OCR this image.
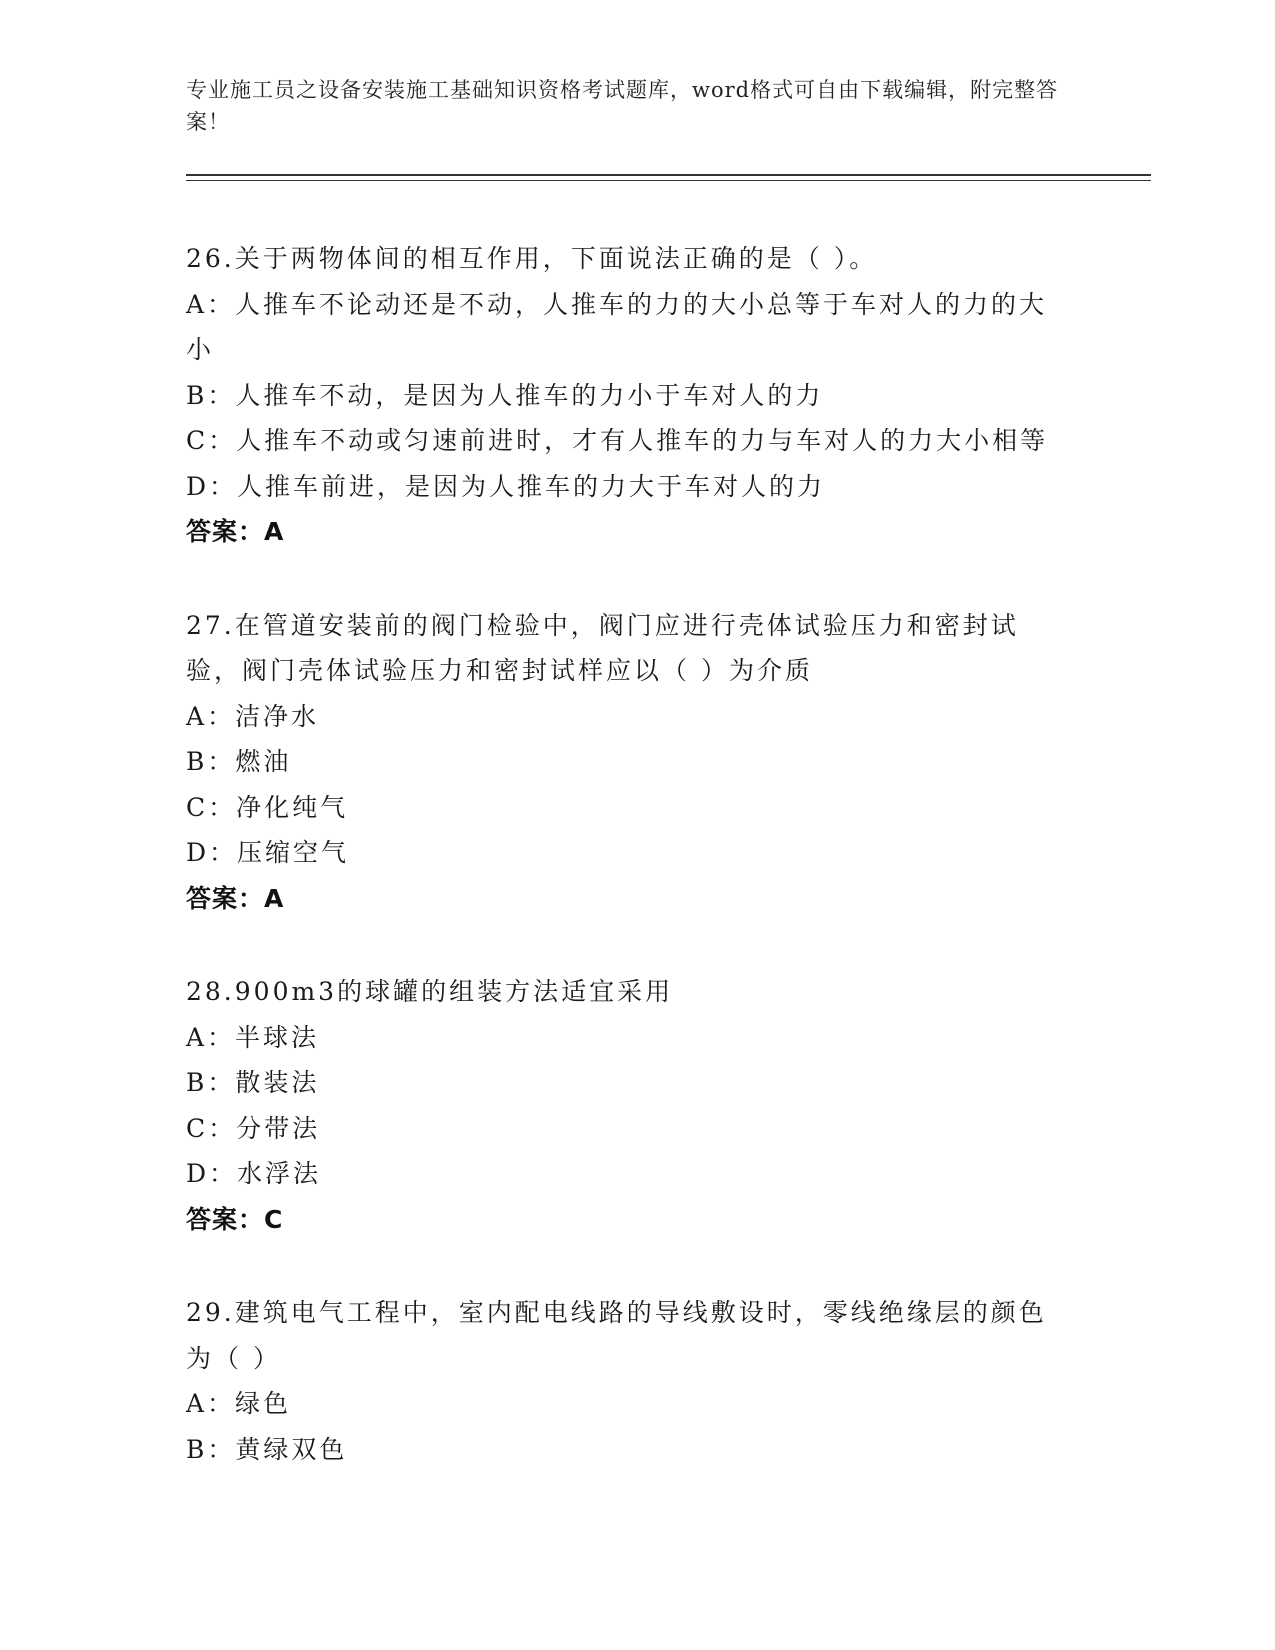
专业施工员之设备安装施工基础知识资格考试题库，word格式可自由下载编辑，附完整答案！

26.关于两物体间的相互作用，下面说法正确的是（ ）。

A：人推车不论动还是不动，人推车的力的大小总等于车对人的力的大小

B：人推车不动，是因为人推车的力小于车对人的力

C：人推车不动或匀速前进时，才有人推车的力与车对人的力大小相等

D：人推车前进，是因为人推车的力大于车对人的力

答案：A

27.在管道安装前的阀门检验中，阀门应进行壳体试验压力和密封试验，阀门壳体试验压力和密封试样应以（ ）为介质

A：洁净水

B：燃油

C：净化纯气

D：压缩空气

答案：A

28.900m3的球罐的组装方法适宜采用

A：半球法

B：散装法

C：分带法

D：水浮法

答案：C

29.建筑电气工程中，室内配电线路的导线敷设时，零线绝缘层的颜色为（ ）

A：绿色

B：黄绿双色
